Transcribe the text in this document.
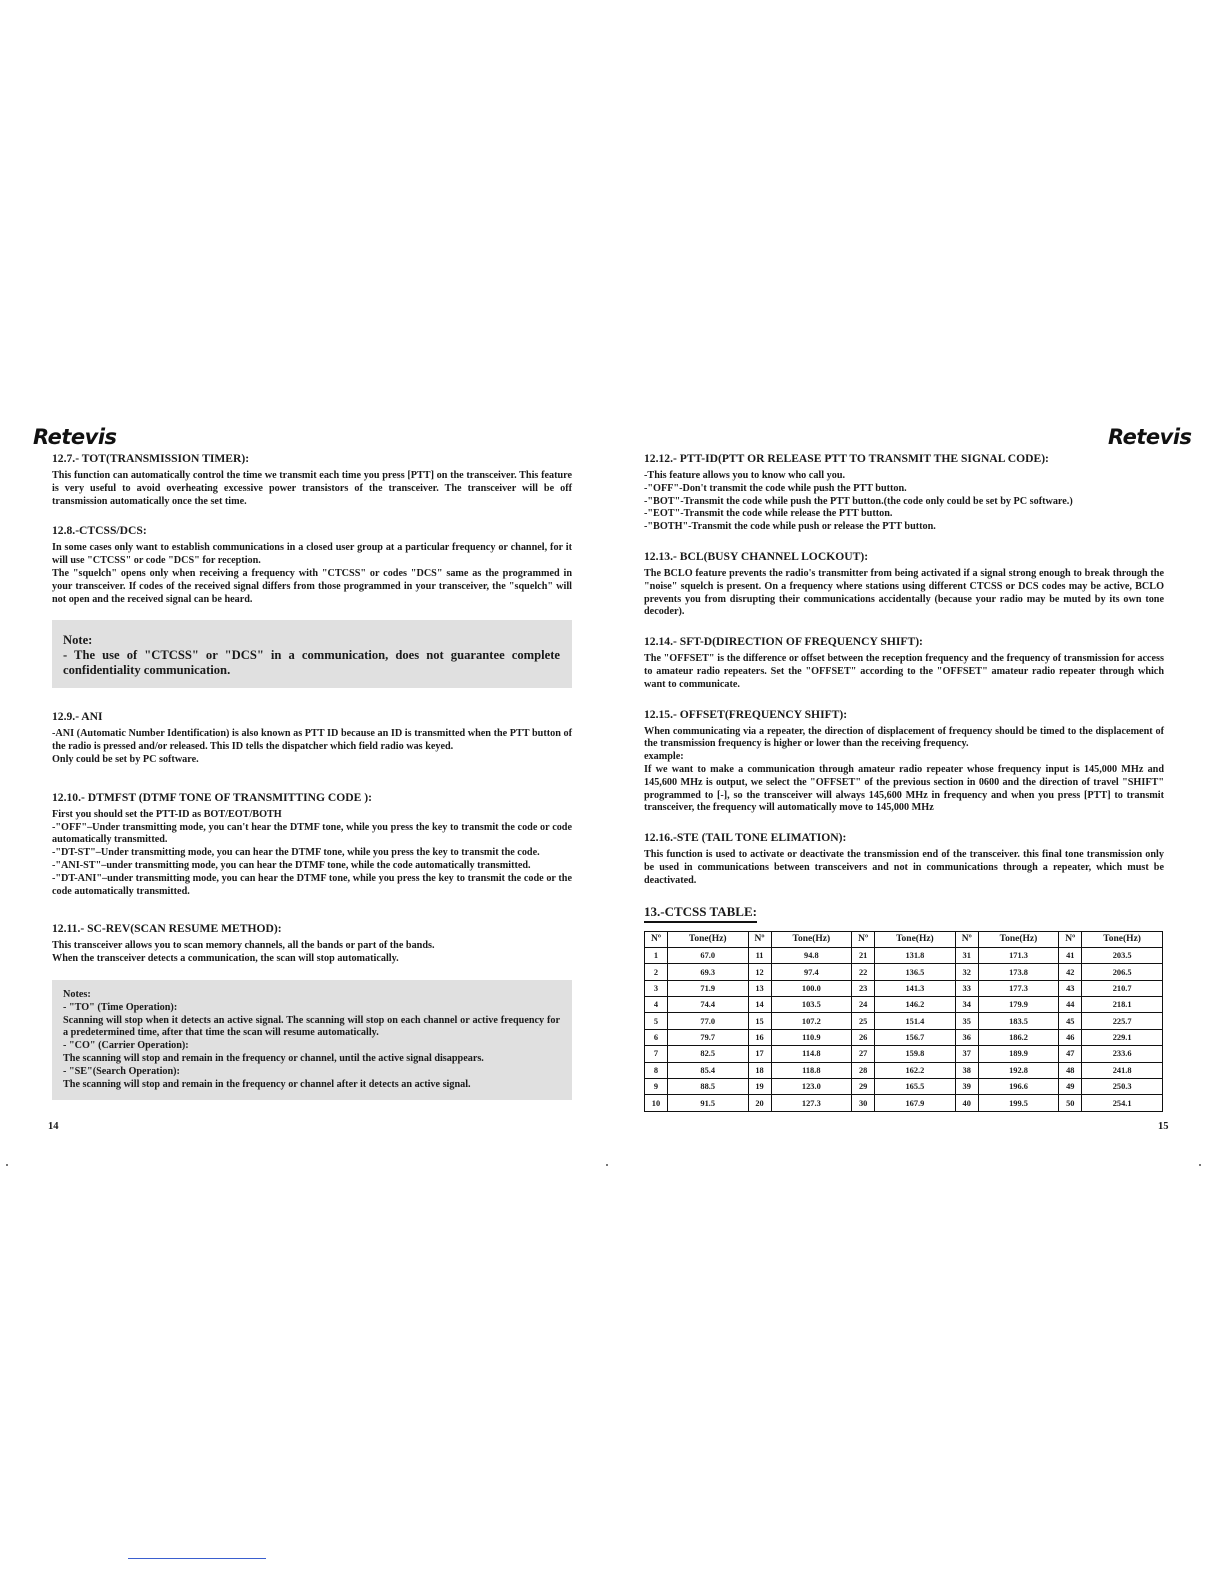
Retevis	Retevis
12.7.- TOT(TRANSMISSION TIMER):

This function can automatically control the time we transmit each time you press [PTT] on the transceiver. This feature is very useful to avoid overheating excessive power transistors of the transceiver. The transceiver will be off transmission automatically once the set time.

12.8.-CTCSS/DCS:

In some cases only want to establish communications in a closed user group at a particular frequency or channel, for it will use "CTCSS" or code "DCS" for reception.

The "squelch" opens only when receiving a frequency with "CTCSS" or codes "DCS" same as the programmed in your transceiver. If codes of the received signal differs from those programmed in your transceiver, the "squelch" will not open and the received signal can be heard.

Note:

- The use of "CTCSS" or "DCS" in a communication, does not guarantee complete confidentiality communication.

12.9.- ANI

-ANI (Automatic Number Identification) is also known as PTT ID because an ID is transmitted when the PTT button of the radio is pressed and/or released. This ID tells the dispatcher which field radio was keyed.

Only could be set by PC software.

12.10.- DTMFST (DTMF TONE OF TRANSMITTING CODE ):

First you should set the PTT-ID as BOT/EOT/BOTH

-"OFF"–Under transmitting mode, you can't hear the DTMF tone, while you press the key to transmit the code or code automatically transmitted.

-"DT-ST"–Under transmitting mode, you can hear the DTMF tone, while you press the key to transmit the code.

-"ANI-ST"–under transmitting mode, you can hear the DTMF tone, while the code automatically transmitted.

-"DT-ANI"–under transmitting mode, you can hear the DTMF tone, while you press the key to transmit the code or the code automatically transmitted.

12.11.- SC-REV(SCAN RESUME METHOD):

This transceiver allows you to scan memory channels, all the bands or part of the bands.

When the transceiver detects a communication, the scan will stop automatically.

Notes:

- "TO" (Time Operation):

Scanning will stop when it detects an active signal. The scanning will stop on each channel or active frequency for a predetermined time, after that time the scan will resume automatically.

- "CO" (Carrier Operation):

The scanning will stop and remain in the frequency or channel, until the active signal disappears.

- "SE"(Search Operation):

The scanning will stop and remain in the frequency or channel after it detects an active signal.

14
12.12.- PTT-ID(PTT OR RELEASE PTT TO TRANSMIT THE SIGNAL CODE):

-This feature allows you to know who call you.

-"OFF"-Don't transmit the code while push the PTT button.

-"BOT"-Transmit the code while push the PTT button.(the code only could be set by PC software.)

-"EOT"-Transmit the code while release the PTT button.

-"BOTH"-Transmit the code while push or release the PTT button.

12.13.- BCL(BUSY CHANNEL LOCKOUT):

The BCLO feature prevents the radio's transmitter from being activated if a signal strong enough to break through the "noise" squelch is present. On a frequency where stations using different CTCSS or DCS codes may be active, BCLO prevents you from disrupting their communications accidentally (because your radio may be muted by its own tone decoder).

12.14.- SFT-D(DIRECTION OF FREQUENCY SHIFT):

The "OFFSET" is the difference or offset between the reception frequency and the frequency of transmission for access to amateur radio repeaters. Set the "OFFSET" according to the "OFFSET" amateur radio repeater through which want to communicate.

12.15.- OFFSET(FREQUENCY SHIFT):

When communicating via a repeater, the direction of displacement of frequency should be timed to the displacement of the transmission frequency is higher or lower than the receiving frequency.

example:

If we want to make a communication through amateur radio repeater whose frequency input is 145,000 MHz and 145,600 MHz is output, we select the "OFFSET" of the previous section in 0600 and the direction of travel "SHIFT" programmed to [-], so the transceiver will always 145,600 MHz in frequency and when you press [PTT] to transmit transceiver, the frequency will automatically move to 145,000 MHz

12.16.-STE (TAIL TONE ELIMATION):

This function is used to activate or deactivate the transmission end of the transceiver. this final tone transmission only be used in communications between transceivers and not in communications through a repeater, which must be deactivated.

13.-CTCSS TABLE:
Nº	Tone(Hz)	Nº	Tone(Hz)	Nº	Tone(Hz)	Nº	Tone(Hz)	Nº	Tone(Hz)
1	67.0	11	94.8	21	131.8	31	171.3	41	203.5
2	69.3	12	97.4	22	136.5	32	173.8	42	206.5
3	71.9	13	100.0	23	141.3	33	177.3	43	210.7
4	74.4	14	103.5	24	146.2	34	179.9	44	218.1
5	77.0	15	107.2	25	151.4	35	183.5	45	225.7
6	79.7	16	110.9	26	156.7	36	186.2	46	229.1
7	82.5	17	114.8	27	159.8	37	189.9	47	233.6
8	85.4	18	118.8	28	162.2	38	192.8	48	241.8
9	88.5	19	123.0	29	165.5	39	196.6	49	250.3
10	91.5	20	127.3	30	167.9	40	199.5	50	254.1
15
